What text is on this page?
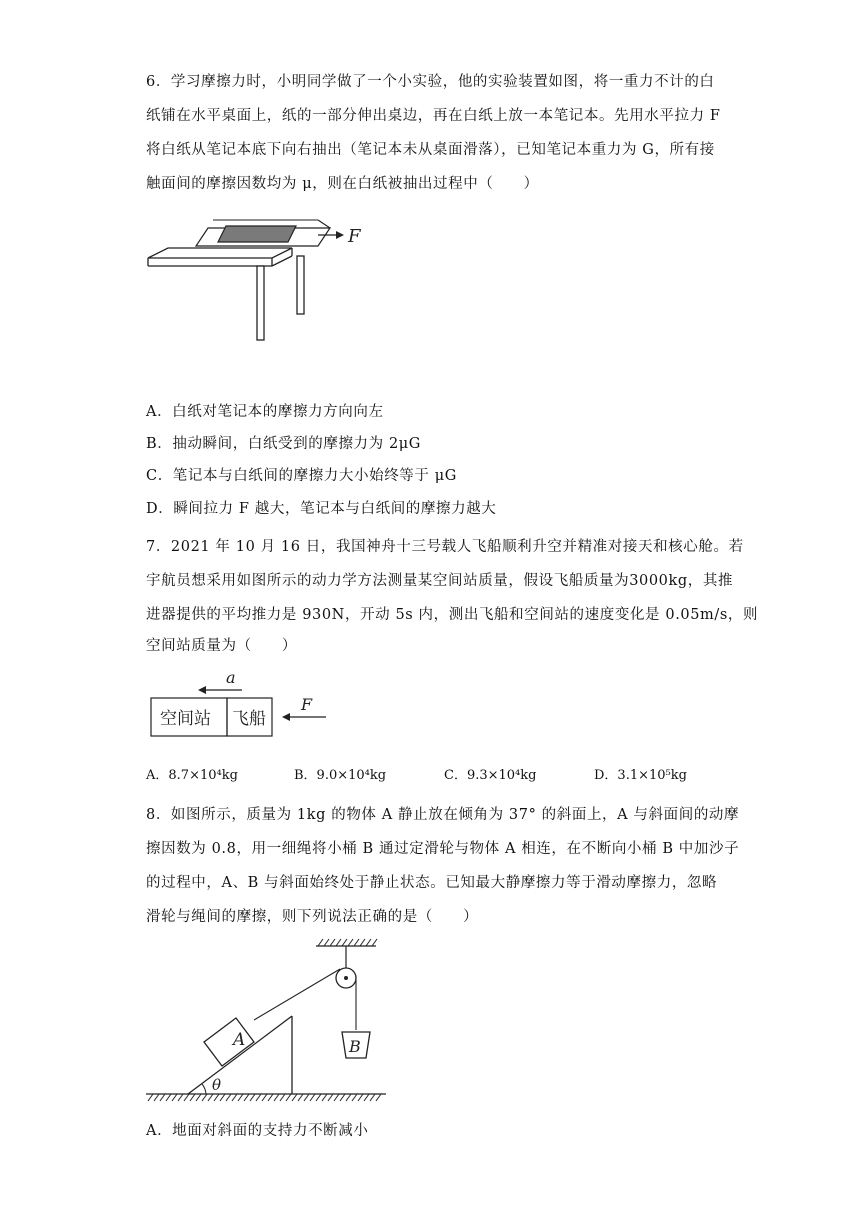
6．学习摩擦力时，小明同学做了一个小实验，他的实验装置如图，将一重力不计的白
纸铺在水平桌面上，纸的一部分伸出桌边，再在白纸上放一本笔记本。先用水平拉力 F
将白纸从笔记本底下向右抽出（笔记本未从桌面滑落），已知笔记本重力为 G，所有接
触面间的摩擦因数均为 μ，则在白纸被抽出过程中（　　）
F
A．白纸对笔记本的摩擦力方向向左
B．抽动瞬间，白纸受到的摩擦力为 2μG
C．笔记本与白纸间的摩擦力大小始终等于 μG
D．瞬间拉力 F 越大，笔记本与白纸间的摩擦力越大
7．2021 年 10 月 16 日，我国神舟十三号载人飞船顺利升空并精准对接天和核心舱。若
宇航员想采用如图所示的动力学方法测量某空间站质量，假设飞船质量为3000kg，其推
进器提供的平均推力是 930N，开动 5s 内，测出飞船和空间站的速度变化是 0.05m/s，则
空间站质量为（　　）
a
空间站 飞船
F
A．8.7×10⁴kg	B．9.0×10⁴kg	C．9.3×10⁴kg	D．3.1×10⁵kg
8．如图所示，质量为 1kg 的物体 A 静止放在倾角为 37° 的斜面上，A 与斜面间的动摩
擦因数为 0.8，用一细绳将小桶 B 通过定滑轮与物体 A 相连，在不断向小桶 B 中加沙子
的过程中，A、B 与斜面始终处于静止状态。已知最大静摩擦力等于滑动摩擦力，忽略
滑轮与绳间的摩擦，则下列说法正确的是（　　）
θ
A	B
A．地面对斜面的支持力不断减小
